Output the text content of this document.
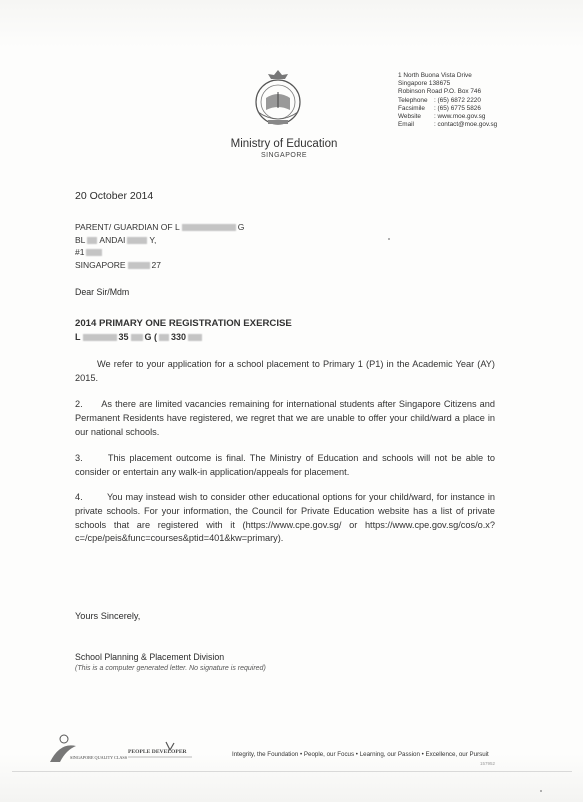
Ministry of Education
SINGAPORE
1 North Buona Vista Drive
Singapore 138675
Robinson Road P.O. Box 746
Telephone	: (65) 6872 2220
Facsimile	: (65) 6775 5826
Website	: www.moe.gov.sg
Email	: contact@moe.gov.sg
20 October 2014
PARENT/ GUARDIAN OF L	G
BL ANDAI	Y,
#1
SINGAPORE	27
Dear Sir/Mdm
2014 PRIMARY ONE REGISTRATION EXERCISE
L	35 G ( 330
We refer to your application for a school placement to Primary 1 (P1) in the Academic Year (AY) 2015.
2.      As there are limited vacancies remaining for international students after Singapore Citizens and Permanent Residents have registered, we regret that we are unable to offer your child/ward a place in our national schools.
3.      This placement outcome is final. The Ministry of Education and schools will not be able to consider or entertain any walk-in application/appeals for placement.
4.        You may instead wish to consider other educational options for your child/ward, for instance in private schools. For your information, the Council for Private Education website has a list of private schools that are registered with it (https://www.cpe.gov.sg/ or https://www.cpe.gov.sg/cos/o.x?c=/cpe/peis&func=courses&ptid=401&kw=primary).
Yours Sincerely,
School Planning & Placement Division
(This is a computer generated letter. No signature is required)
SINGAPORE QUALITY CLASS
PEOPLE DEVELOPER	Integrity, the Foundation • People, our Focus • Learning, our Passion • Excellence, our Pursuit
157952
